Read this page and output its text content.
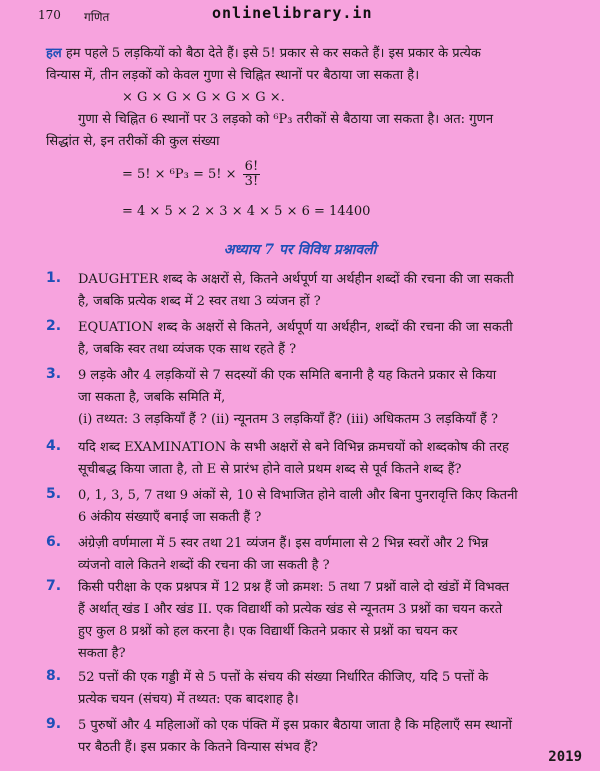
170 गणित	onlinelibrary.in
हल हम पहले 5 लड़कियों को बैठा देते हैं। इसे 5! प्रकार से कर सकते हैं। इस प्रकार के प्रत्येक
विन्यास में, तीन लड़कों को केवल गुणा से चिह्नित स्थानों पर बैठाया जा सकता है।
× G × G × G × G × G ×.
गुणा से चिह्नित 6 स्थानों पर 3 लड़को को ⁶P₃ तरीकों से बैठाया जा सकता है। अत: गुणन
सिद्धांत से, इन तरीकों की कुल संख्या
= 5! × ⁶P₃ = 5! × $\frac{6!}{3!}$
= 4 × 5 × 2 × 3 × 4 × 5 × 6 = 14400
अध्याय 7 पर विविध प्रश्नावली
1. DAUGHTER शब्द के अक्षरों से, कितने अर्थपूर्ण या अर्थहीन शब्दों की रचना की जा सकती
है, जबकि प्रत्येक शब्द में 2 स्वर तथा 3 व्यंजन हों ?
2. EQUATION शब्द के अक्षरों से कितने, अर्थपूर्ण या अर्थहीन, शब्दों की रचना की जा सकती
है, जबकि स्वर तथा व्यंजक एक साथ रहते हैं ?
3. 9 लड़के और 4 लड़कियों से 7 सदस्यों की एक समिति बनानी है यह कितने प्रकार से किया
जा सकता है, जबकि समिति में,
(i) तथ्यत: 3 लड़कियाँ हैं ? (ii) न्यूनतम 3 लड़कियाँ हैं? (iii) अधिकतम 3 लड़कियाँ हैं ?
4. यदि शब्द EXAMINATION के सभी अक्षरों से बने विभिन्न क्रमचयों को शब्दकोष की तरह
सूचीबद्ध किया जाता है, तो E से प्रारंभ होने वाले प्रथम शब्द से पूर्व कितने शब्द हैं?
5. 0, 1, 3, 5, 7 तथा 9 अंकों से, 10 से विभाजित होने वाली और बिना पुनरावृत्ति किए कितनी
6 अंकीय संख्याएँ बनाई जा सकती हैं ?
6. अंग्रेज़ी वर्णमाला में 5 स्वर तथा 21 व्यंजन हैं। इस वर्णमाला से 2 भिन्न स्वरों और 2 भिन्न
व्यंजनो वाले कितने शब्दों की रचना की जा सकती है ?
7. किसी परीक्षा के एक प्रश्नपत्र में 12 प्रश्न हैं जो क्रमश: 5 तथा 7 प्रश्नों वाले दो खंडों में विभक्त
हैं अर्थात् खंड I और खंड II. एक विद्यार्थी को प्रत्येक खंड से न्यूनतम 3 प्रश्नों का चयन करते
हुए कुल 8 प्रश्नों को हल करना है। एक विद्यार्थी कितने प्रकार से प्रश्नों का चयन कर
सकता है?
8. 52 पत्तों की एक गड्डी में से 5 पत्तों के संचय की संख्या निर्धारित कीजिए, यदि 5 पत्तों के
प्रत्येक चयन (संचय) में तथ्यत: एक बादशाह है।
9. 5 पुरुषों और 4 महिलाओं को एक पंक्ति में इस प्रकार बैठाया जाता है कि महिलाएँ सम स्थानों
पर बैठती हैं। इस प्रकार के कितने विन्यास संभव हैं?
2019
